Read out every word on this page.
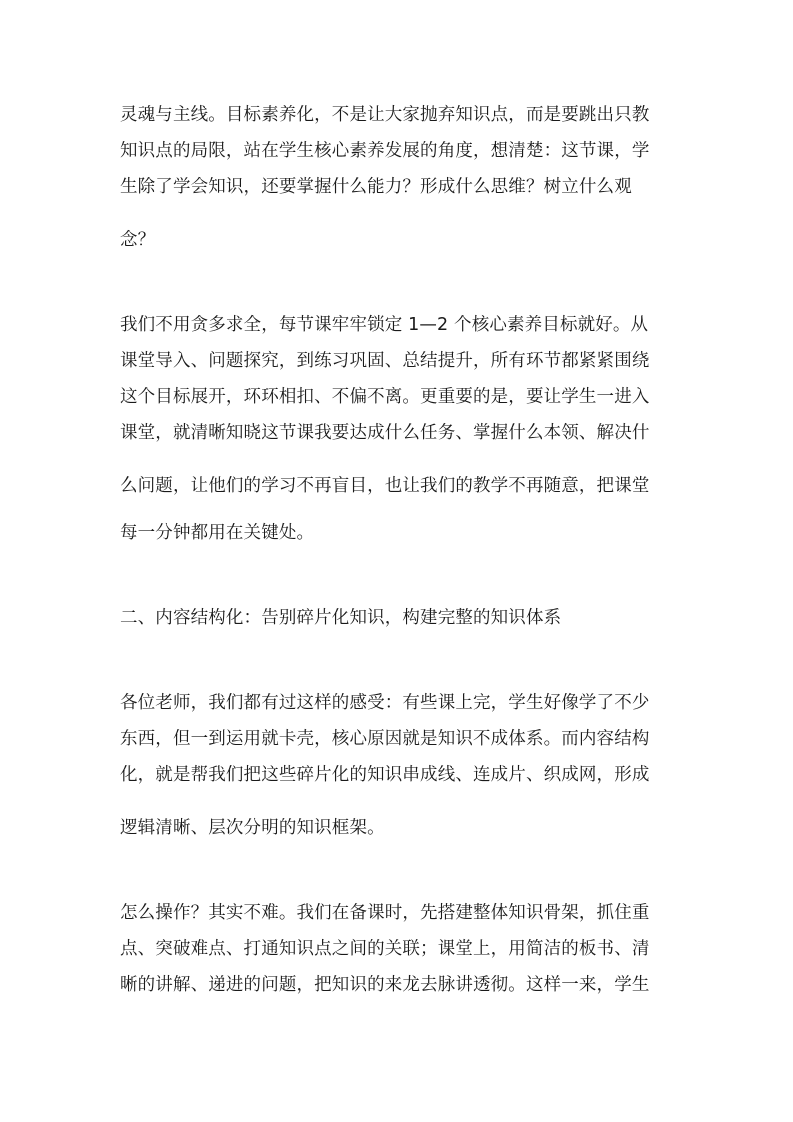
灵魂与主线。目标素养化，不是让大家抛弃知识点，而是要跳出只教
知识点的局限，站在学生核心素养发展的角度，想清楚：这节课，学
生除了学会知识，还要掌握什么能力？形成什么思维？树立什么观
念？
我们不用贪多求全，每节课牢牢锁定 1—2 个核心素养目标就好。从
课堂导入、问题探究，到练习巩固、总结提升，所有环节都紧紧围绕
这个目标展开，环环相扣、不偏不离。更重要的是，要让学生一进入
课堂，就清晰知晓这节课我要达成什么任务、掌握什么本领、解决什
么问题，让他们的学习不再盲目，也让我们的教学不再随意，把课堂
每一分钟都用在关键处。
二、内容结构化：告别碎片化知识，构建完整的知识体系
各位老师，我们都有过这样的感受：有些课上完，学生好像学了不少
东西，但一到运用就卡壳，核心原因就是知识不成体系。而内容结构
化，就是帮我们把这些碎片化的知识串成线、连成片、织成网，形成
逻辑清晰、层次分明的知识框架。
怎么操作？其实不难。我们在备课时，先搭建整体知识骨架，抓住重
点、突破难点、打通知识点之间的关联；课堂上，用简洁的板书、清
晰的讲解、递进的问题，把知识的来龙去脉讲透彻。这样一来，学生
